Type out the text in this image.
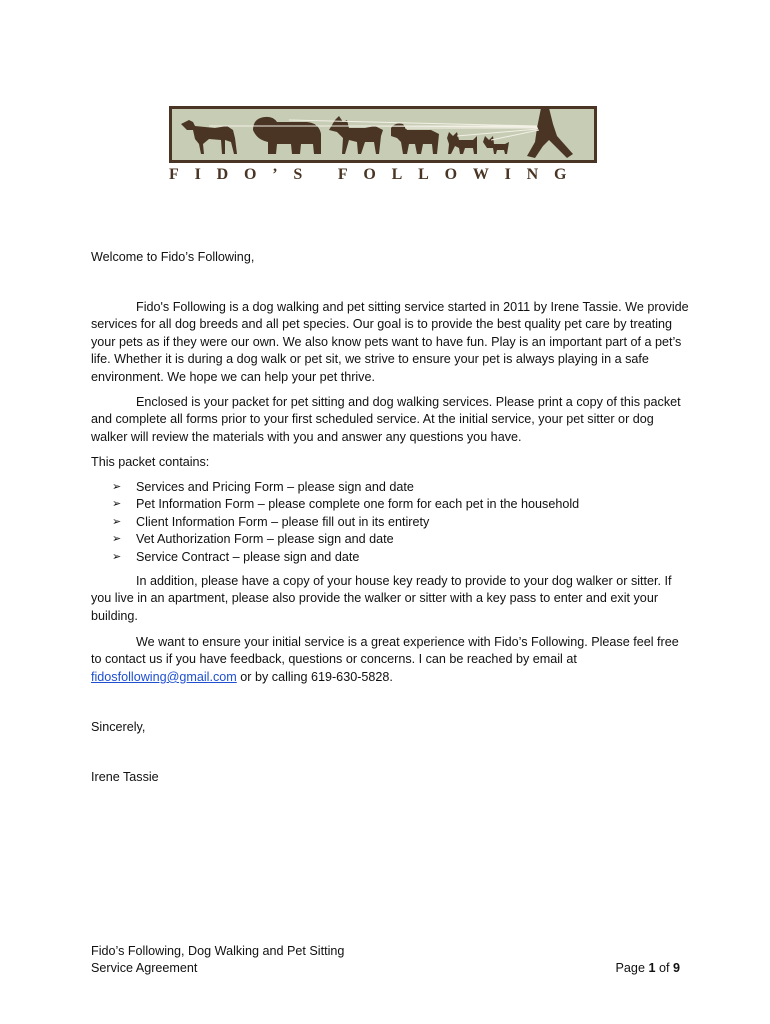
FIDO’S FOLLOWING

Welcome to Fido’s Following,

Fido's Following is a dog walking and pet sitting service started in 2011 by Irene Tassie. We provide services for all dog breeds and all pet species. Our goal is to provide the best quality pet care by treating your pets as if they were our own. We also know pets want to have fun. Play is an important part of a pet’s life. Whether it is during a dog walk or pet sit, we strive to ensure your pet is always playing in a safe environment. We hope we can help your pet thrive.

Enclosed is your packet for pet sitting and dog walking services. Please print a copy of this packet and complete all forms prior to your first scheduled service. At the initial service, your pet sitter or dog walker will review the materials with you and answer any questions you have.

This packet contains:

➢ Services and Pricing Form – please sign and date
➢ Pet Information Form – please complete one form for each pet in the household
➢ Client Information Form – please fill out in its entirety
➢ Vet Authorization Form – please sign and date
➢ Service Contract – please sign and date

In addition, please have a copy of your house key ready to provide to your dog walker or sitter. If you live in an apartment, please also provide the walker or sitter with a key pass to enter and exit your building.

We want to ensure your initial service is a great experience with Fido’s Following. Please feel free to contact us if you have feedback, questions or concerns. I can be reached by email at fidosfollowing@gmail.com or by calling 619-630-5828.

Sincerely,

Irene Tassie

Fido’s Following, Dog Walking and Pet Sitting
Service Agreement	Page 1 of 9
